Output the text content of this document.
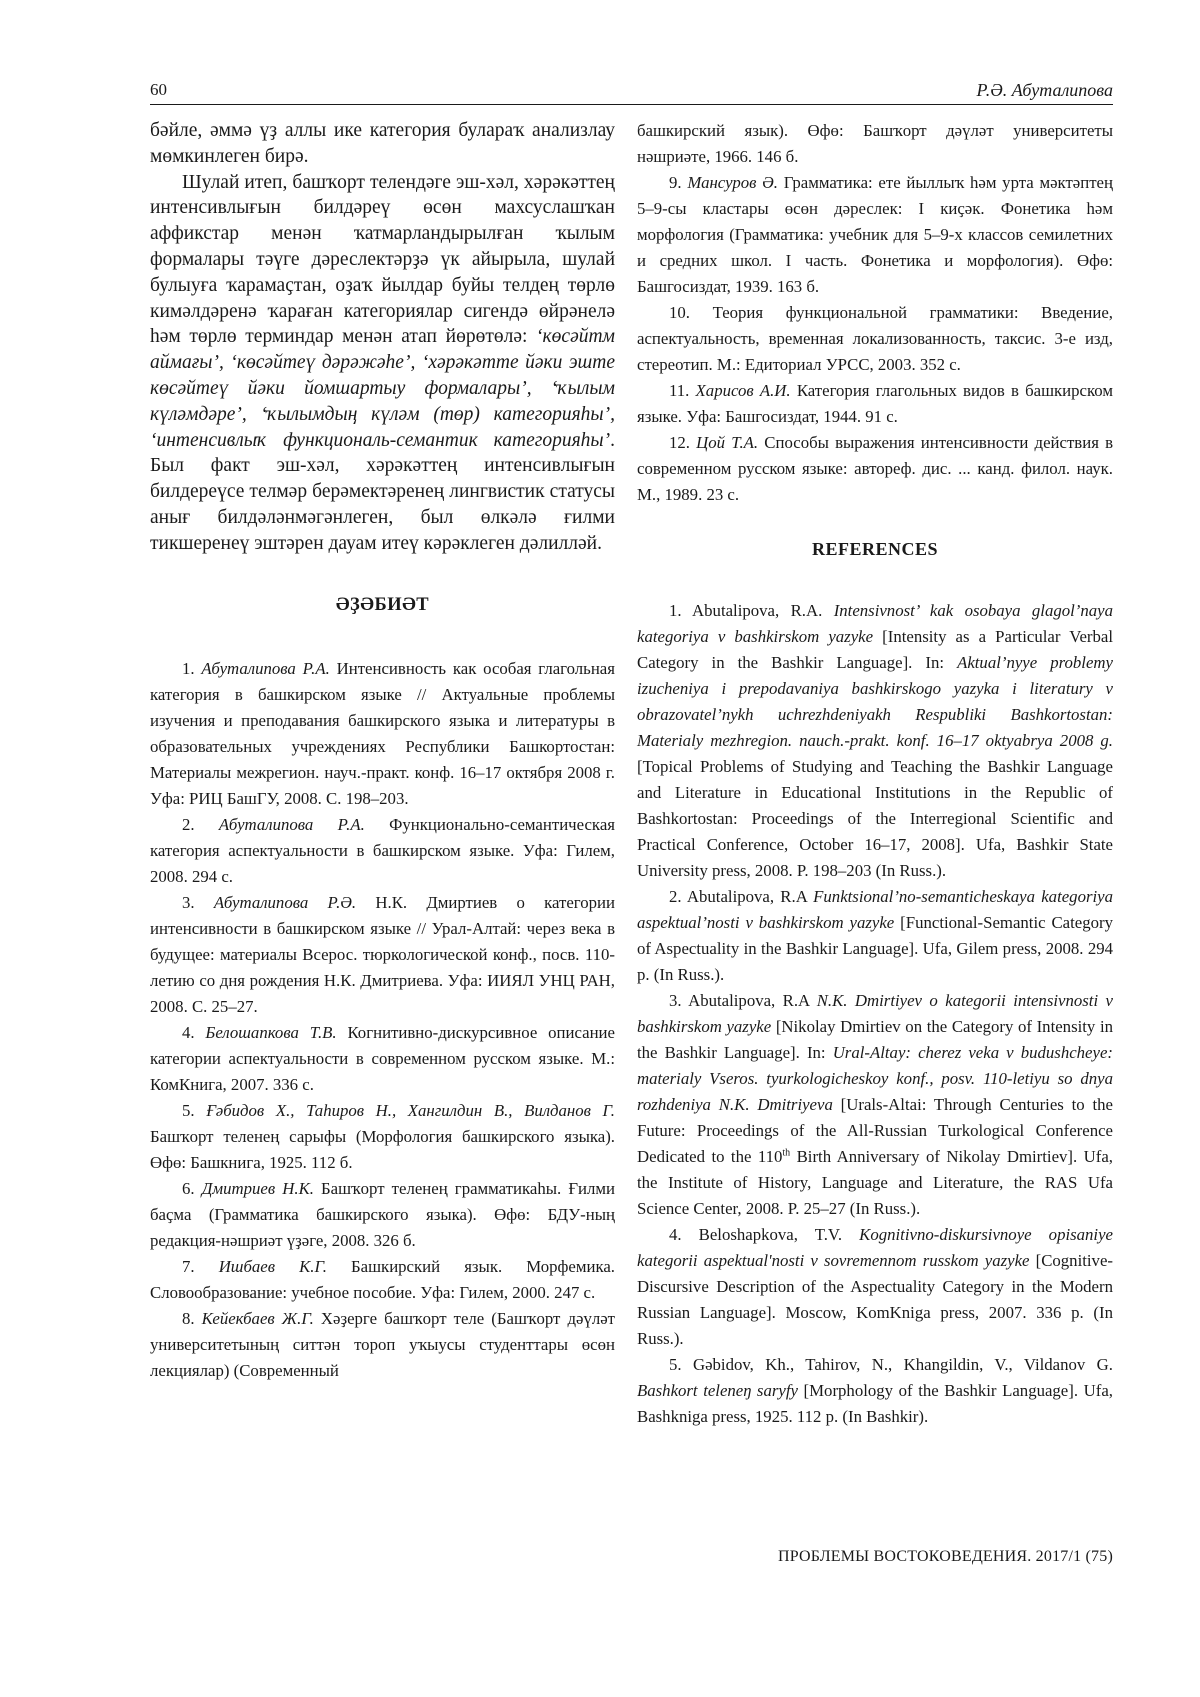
60	Р.Ә. Абуталипова

бәйле, әммә үҙ аллы ике категория булараҡ анализлау мөмкинлеген бирә.

Шулай итеп, башҡорт телендәге эш-хәл, хәрәкәттең интенсивлығын билдәреү өсөн махсуслашҡан аффикстар менән ҡатмарландырылған ҡылым формалары тәүге дәреслектәрҙә үк айырыла, шулай булыуға ҡарамаҫтан, оҙаҡ йылдар буйы телдең төрлө кимәлдәренә ҡараған категориялар сигендә өйрәнелә һәм төрлө терминдар менән атап йөрөтөлә: ‘көсәйтм аймағы’, ‘көсәйтеү дәрәжәһе’, ‘хәрәкәтте йәки эште көсәйтеү йәки йомшартыу формалары’, ‘ҡылым күләмдәре’, ‘ҡылымдың күләм (төр) категорияһы’, ‘интенсивлыҡ функциональ-семантик категорияһы’. Был факт эш-хәл, хәрәкәттең интенсивлығын билдереүсе телмәр берәмектәренең лингвистик статусы анығ билдәләнмәгәнлеген, был өлкәлә ғилми тикшеренеү эштәрен дауам итеү кәрәклеген дәлилләй.

ӘҘӘБИӘТ

1. Абуталипова Р.А. Интенсивность как особая глагольная категория в башкирском языке // Актуальные проблемы изучения и преподавания башкирского языка и литературы в образовательных учреждениях Республики Башкортостан: Материалы межрегион. науч.-практ. конф. 16–17 октября 2008 г. Уфа: РИЦ БашГУ, 2008. С. 198–203.

2. Абуталипова Р.А. Функционально-семантическая категория аспектуальности в башкирском языке. Уфа: Гилем, 2008. 294 с.

3. Абуталипова Р.Ә. Н.К. Дмиртиев о категории интенсивности в башкирском языке // Урал-Алтай: через века в будущее: материалы Всерос. тюркологической конф., посв. 110-летию со дня рождения Н.К. Дмитриева. Уфа: ИИЯЛ УНЦ РАН, 2008. С. 25–27.

4. Белошапкова Т.В. Когнитивно-дискурсивное описание категории аспектуальности в современном русском языке. М.: КомКнига, 2007. 336 с.

5. Ғәбидов Х., Таһиров Н., Хангилдин В., Вилданов Г. Башҡорт теленең сарыфы (Морфология башкирского языка). Өфө: Башкнига, 1925. 112 б.

6. Дмитриев Н.К. Башҡорт теленең грамматикаһы. Ғилми баҫма (Грамматика башкирского языка). Өфө: БДУ-ның редакция-нәшриәт үҙәге, 2008. 326 б.

7. Ишбаев К.Г. Башкирский язык. Морфемика. Словообразование: учебное пособие. Уфа: Гилем, 2000. 247 с.

8. Кейекбаев Ж.Г. Хәҙерге башҡорт теле (Башҡорт дәүләт университетының ситтән тороп уҡыусы студенттары өсөн лекциялар) (Современный

башкирский язык). Өфө: Башҡорт дәүләт университеты нәшриәте, 1966. 146 б.

9. Мансуров Ә. Грамматика: ете йыллыҡ һәм урта мәктәптең 5–9-сы кластары өсөн дәреслек: I киҫәк. Фонетика һәм морфология (Грамматика: учебник для 5–9-х классов семилетних и средних школ. I часть. Фонетика и морфология). Өфө: Башгосиздат, 1939. 163 б.

10. Теория функциональной грамматики: Введение, аспектуальность, временная локализованность, таксис. 3-е изд, стереотип. М.: Едиториал УРСС, 2003. 352 с.

11. Харисов А.И. Категория глагольных видов в башкирском языке. Уфа: Башгосиздат, 1944. 91 с.

12. Цой Т.А. Способы выражения интенсивности действия в современном русском языке: автореф. дис. ... канд. филол. наук. М., 1989. 23 с.

REFERENCES

1. Abutalipova, R.A. Intensivnost’ kak osobaya glagol’naya kategoriya v bashkirskom yazyke [Intensity as a Particular Verbal Category in the Bashkir Language]. In: Aktual’nyye problemy izucheniya i prepodavaniya bashkirskogo yazyka i literatury v obrazovatel’nykh uchrezhdeniyakh Respubliki Bashkortostan: Materialy mezhregion. nauch.-prakt. konf. 16–17 oktyabrya 2008 g. [Topical Problems of Studying and Teaching the Bashkir Language and Literature in Educational Institutions in the Republic of Bashkortostan: Proceedings of the Interregional Scientific and Practical Conference, October 16–17, 2008]. Ufa, Bashkir State University press, 2008. P. 198–203 (In Russ.).

2. Abutalipova, R.A Funktsional’no-semanticheskaya kategoriya aspektual’nosti v bashkirskom yazyke [Functional-Semantic Category of Aspectuality in the Bashkir Language]. Ufa, Gilem press, 2008. 294 p. (In Russ.).

3. Abutalipova, R.A N.K. Dmirtiyev o kategorii intensivnosti v bashkirskom yazyke [Nikolay Dmirtiev on the Category of Intensity in the Bashkir Language]. In: Ural-Altay: cherez veka v budushcheye: materialy Vseros. tyurkologicheskoy konf., posv. 110-letiyu so dnya rozhdeniya N.K. Dmitriyeva [Urals-Altai: Through Centuries to the Future: Proceedings of the All-Russian Turkological Conference Dedicated to the 110th Birth Anniversary of Nikolay Dmirtiev]. Ufa, the Institute of History, Language and Literature, the RAS Ufa Science Center, 2008. P. 25–27 (In Russ.).

4. Beloshapkova, T.V. Kognitivno-diskursivnoye opisaniye kategorii aspektual'nosti v sovremennom russkom yazyke [Cognitive-Discursive Description of the Aspectuality Category in the Modern Russian Language]. Moscow, KomKniga press, 2007. 336 p. (In Russ.).

5. Gəbidov, Kh., Tahirov, N., Khangildin, V., Vildanov G. Bashkort teleneŋ saryfy [Morphology of the Bashkir Language]. Ufa, Bashkniga press, 1925. 112 p. (In Bashkir).

ПРОБЛЕМЫ ВОСТОКОВЕДЕНИЯ. 2017/1 (75)
